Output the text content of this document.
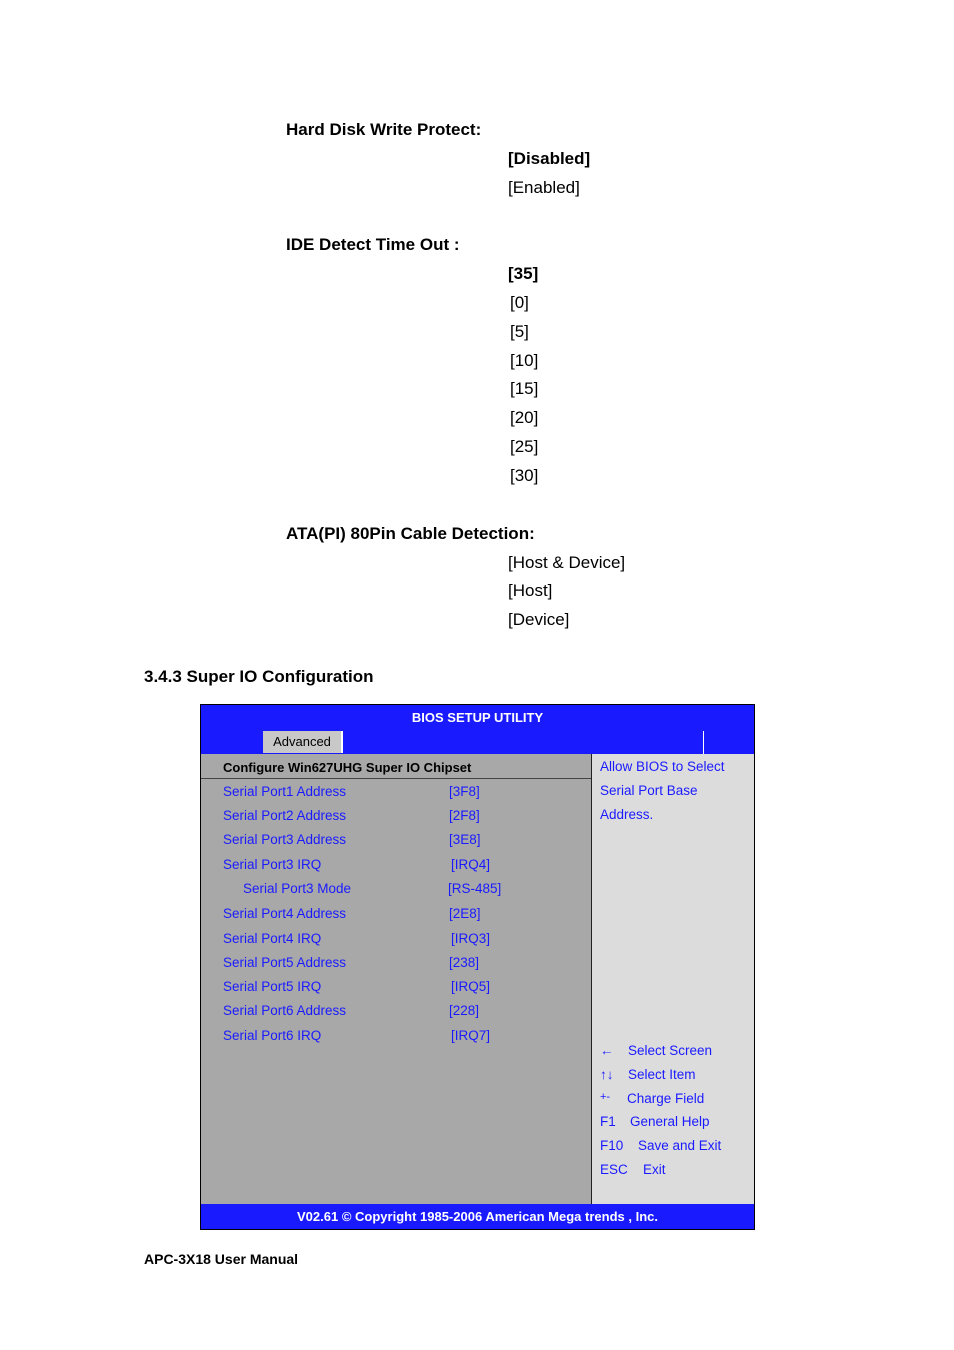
Hard Disk Write Protect:
[Disabled]
[Enabled]
IDE Detect Time Out :
[35]
[0]
[5]
[10]
[15]
[20]
[25]
[30]
ATA(PI) 80Pin Cable Detection:
[Host & Device]
[Host]
[Device]
3.4.3 Super IO Configuration
BIOS SETUP UTILITY
Advanced
Configure Win627UHG Super IO Chipset
Serial Port1 Address	[3F8]
Serial Port2 Address	[2F8]
Serial Port3 Address	[3E8]
Serial Port3 IRQ	[IRQ4]
Serial Port3 Mode	[RS-485]
Serial Port4 Address	[2E8]
Serial Port4 IRQ	[IRQ3]
Serial Port5 Address	[238]
Serial Port5 IRQ	[IRQ5]
Serial Port6 Address	[228]
Serial Port6 IRQ	[IRQ7]
Allow BIOS to Select
Serial Port Base
Address.
← Select Screen
↑↓ Select Item
+- Charge Field
F1 General Help
F10 Save and Exit
ESC Exit
V02.61 © Copyright 1985-2006 American Mega trends , Inc.
APC-3X18 User Manual
